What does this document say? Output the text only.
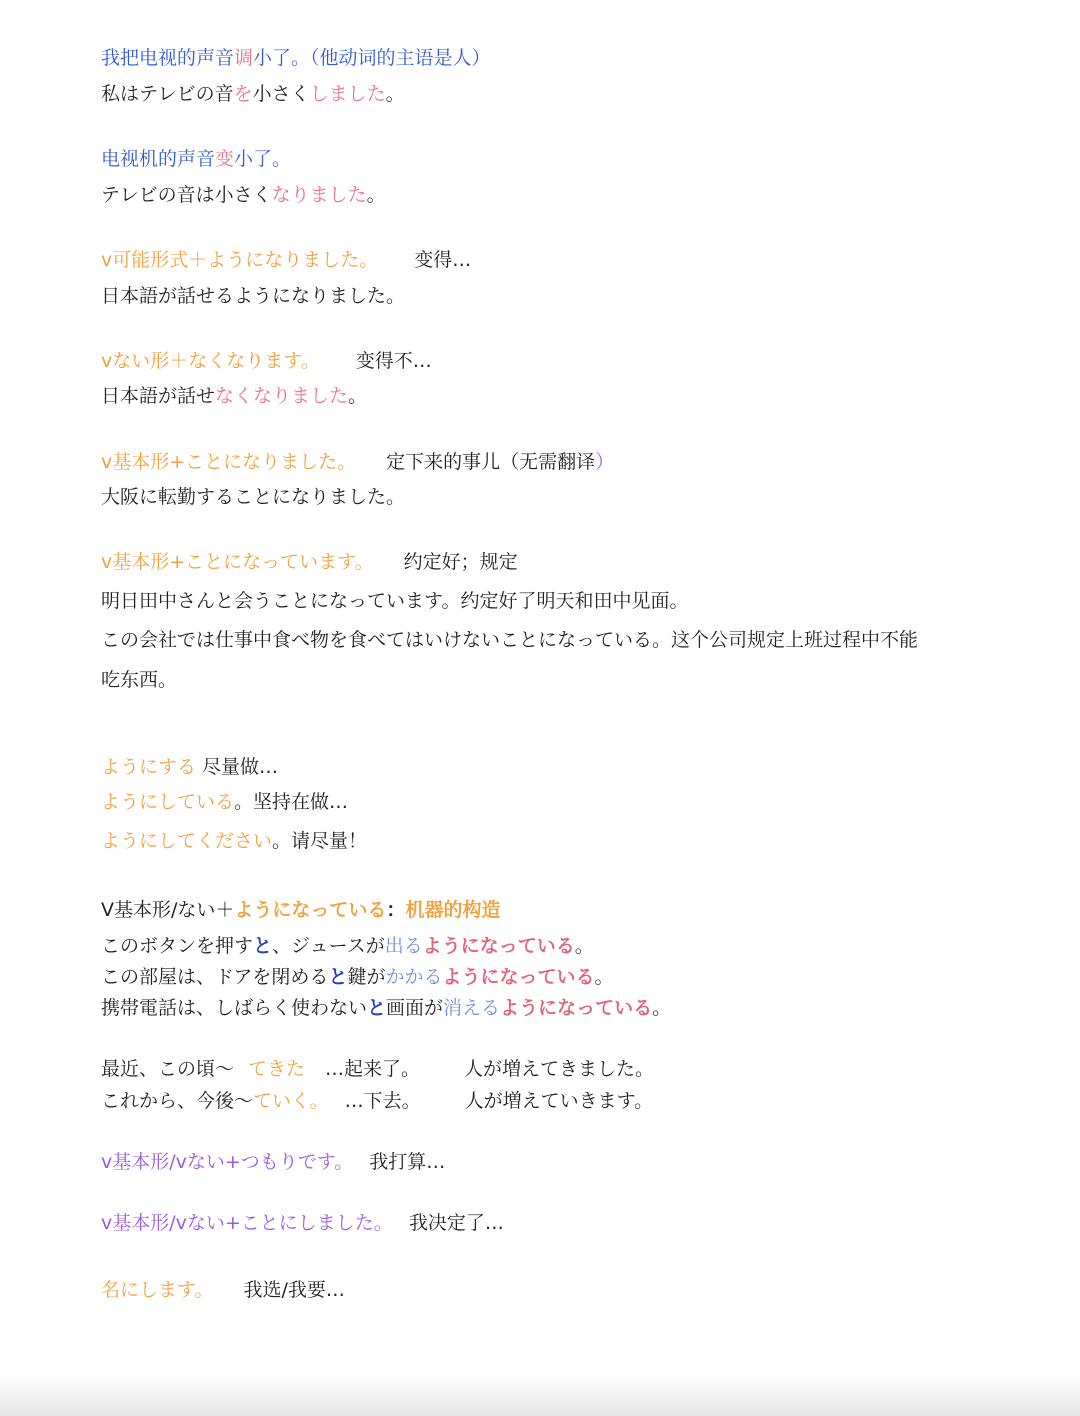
我把电视的声音调小了。（他动词的主语是人）

私はテレビの音を小さくしました。

电视机的声音变小了。

テレビの音は小さくなりました。

v可能形式＋ようになりました。 变得…

日本語が話せるようになりました。

vない形＋なくなります。 变得不…

日本語が話せなくなりました。

v基本形+ことになりました。 定下来的事儿（无需翻译）

大阪に転勤することになりました。

v基本形+ことになっています。 约定好；规定

明日田中さんと会うことになっています。约定好了明天和田中见面。

この会社では仕事中食べ物を食べてはいけないことになっている。这个公司规定上班过程中不能

吃东西。

ようにする 尽量做…

ようにしている。坚持在做…

ようにしてください。请尽量！

V基本形/ない＋ようになっている：机器的构造

このボタンを押すと、ジュースが出るようになっている。

この部屋は、ドアを閉めると鍵がかかるようになっている。

携帯電話は、しばらく使わないと画面が消えるようになっている。

最近、この頃～ てきた …起来了。 人が増えてきました。

これから、今後～ていく。 …下去。 人が増えていきます。

v基本形/vない+つもりです。 我打算…

v基本形/vない+ことにしました。 我决定了…

名にします。 我选/我要…
